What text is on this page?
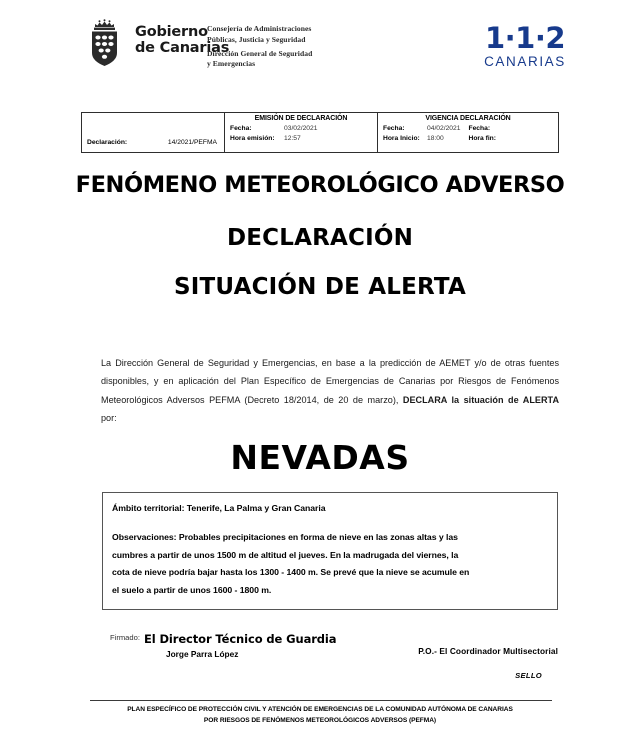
Gobierno
de Canarias
Consejería de Administraciones
Públicas, Justicia y Seguridad
Dirección General de Seguridad
y Emergencias
1·1·2
CANARIAS
Declaración:	14/2021/PEFMA
EMISIÓN DE DECLARACIÓN
Fecha:	03/02/2021
Hora emisión:	12:57
VIGENCIA DECLARACIÓN
Fecha:	04/02/2021
Hora Inicio:	18:00
Fecha:
Hora fin:
FENÓMENO METEOROLÓGICO ADVERSO
DECLARACIÓN
SITUACIÓN DE ALERTA

La Dirección General de Seguridad y Emergencias, en base a la predicción de AEMET y/o de otras fuentes disponibles, y en aplicación del Plan Específico de Emergencias de Canarias por Riesgos de Fenómenos Meteorológicos Adversos PEFMA (Decreto 18/2014, de 20 de marzo), DECLARA la situación de ALERTA por:

NEVADAS
Ámbito territorial: Tenerife, La Palma y Gran Canaria
Observaciones: Probables precipitaciones en forma de nieve en las zonas altas y las
cumbres a partir de unos 1500 m de altitud el jueves. En la madrugada del viernes, la
cota de nieve podría bajar hasta los 1300 - 1400 m. Se prevé que la nieve se acumule en
el suelo a partir de unos 1600 - 1800 m.
Firmado: El Director Técnico de Guardia
Jorge Parra López	P.O.- El Coordinador Multisectorial
SELLO
PLAN ESPECÍFICO DE PROTECCIÓN CIVIL Y ATENCIÓN DE EMERGENCIAS DE LA COMUNIDAD AUTÓNOMA DE CANARIAS
POR RIESGOS DE FENÓMENOS METEOROLÓGICOS ADVERSOS (PEFMA)
